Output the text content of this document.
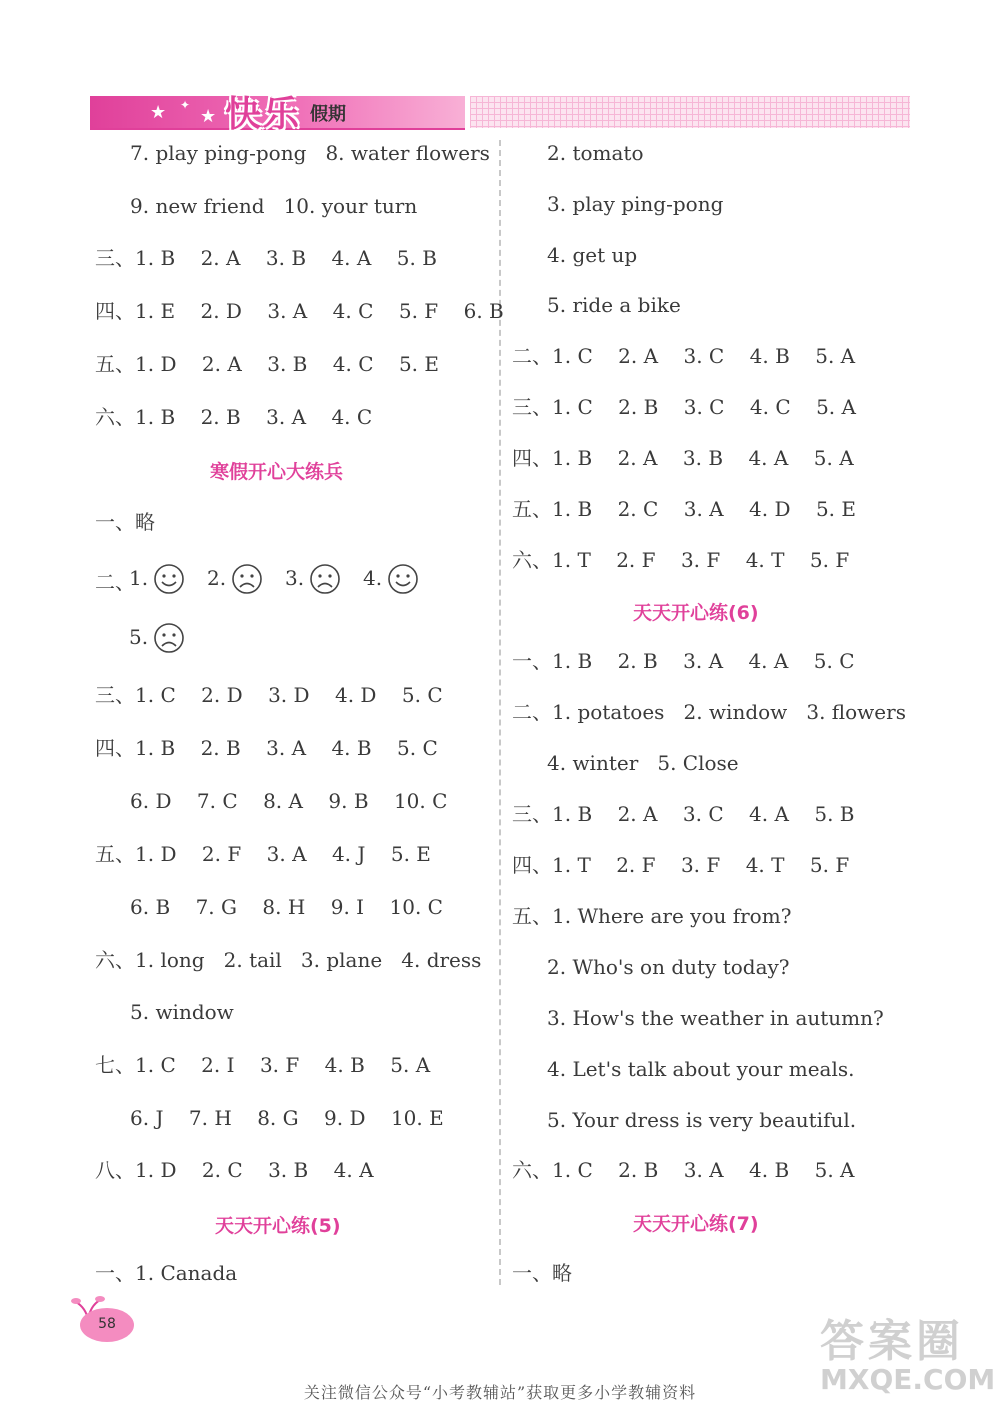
★ ✦
★ 快乐 假期
7. play ping-pong   8. water flowers
9. new friend   10. your turn
三、1. B    2. A    3. B    4. A    5. B
四、1. E    2. D    3. A    4. C    5. F    6. B
五、1. D    2. A    3. B    4. C    5. E
六、1. B    2. B    3. A    4. C
寒假开心大练兵
一、略
二、
1.	2.	3.	4.
5.
三、1. C    2. D    3. D    4. D    5. C
四、1. B    2. B    3. A    4. B    5. C
6. D    7. C    8. A    9. B    10. C
五、1. D    2. F    3. A    4. J    5. E
6. B    7. G    8. H    9. I    10. C
六、1. long   2. tail   3. plane   4. dress
5. window
七、1. C    2. I    3. F    4. B    5. A
6. J    7. H    8. G    9. D    10. E
八、1. D    2. C    3. B    4. A
天天开心练(5)
一、1. Canada
2. tomato
3. play ping-pong
4. get up
5. ride a bike
二、1. C    2. A    3. C    4. B    5. A
三、1. C    2. B    3. C    4. C    5. A
四、1. B    2. A    3. B    4. A    5. A
五、1. B    2. C    3. A    4. D    5. E
六、1. T    2. F    3. F    4. T    5. F
天天开心练(6)
一、1. B    2. B    3. A    4. A    5. C
二、1. potatoes   2. window   3. flowers
4. winter   5. Close
三、1. B    2. A    3. C    4. A    5. B
四、1. T    2. F    3. F    4. T    5. F
五、1. Where are you from?
2. Who's on duty today?
3. How's the weather in autumn?
4. Let's talk about your meals.
5. Your dress is very beautiful.
六、1. C    2. B    3. A    4. B    5. A
天天开心练(7)
一、略
58	答案圈
MXQE.COM
关注微信公众号“小考教辅站”获取更多小学教辅资料
